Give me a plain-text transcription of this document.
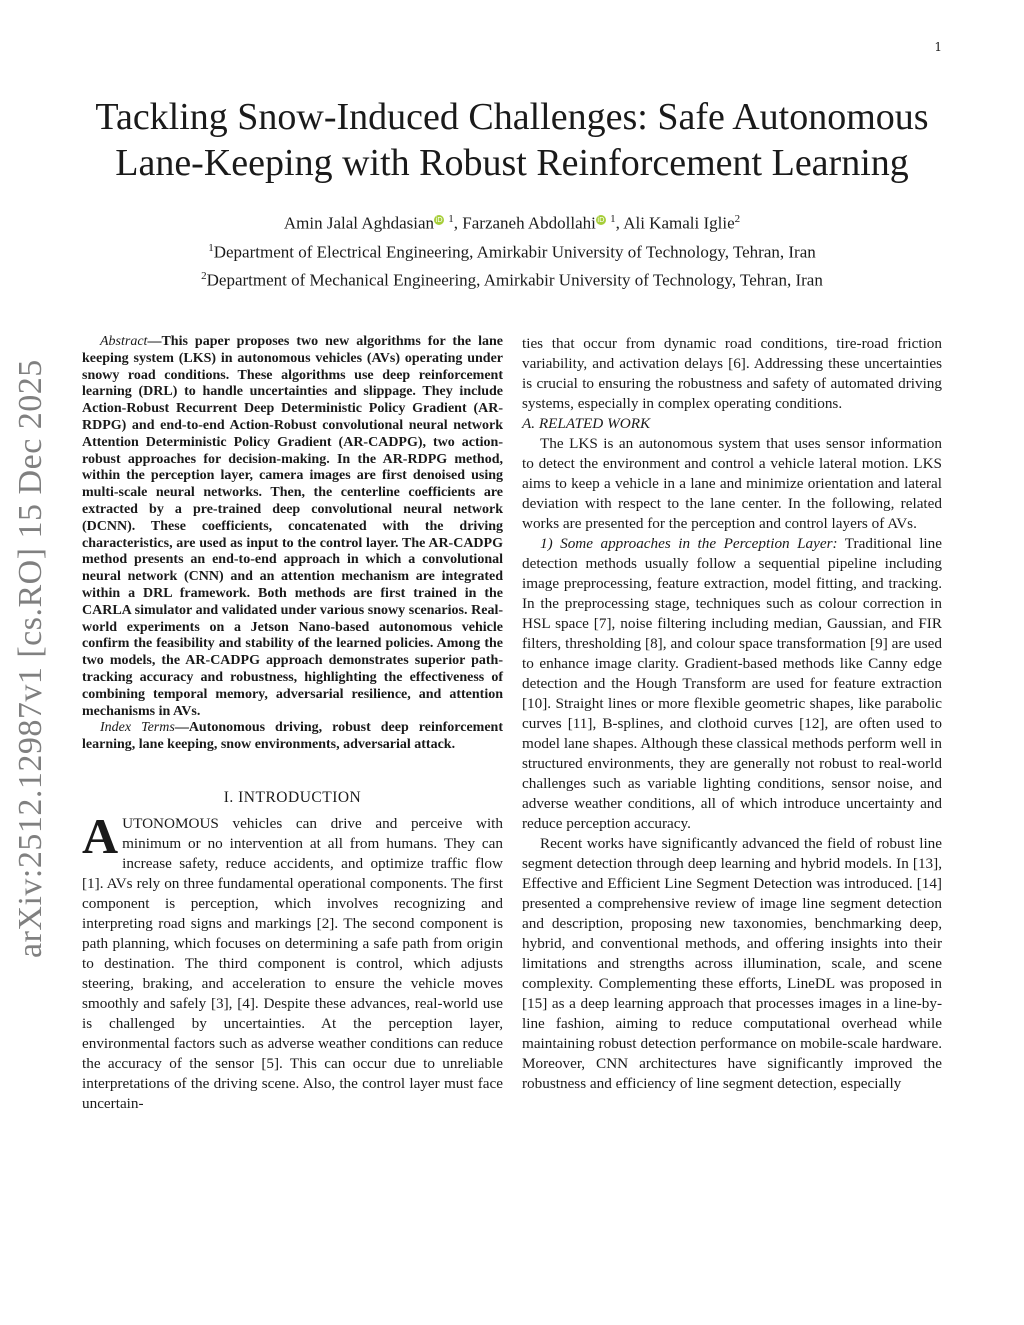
1
arXiv:2512.12987v1 [cs.RO] 15 Dec 2025
Tackling Snow-Induced Challenges: Safe Autonomous
Lane-Keeping with Robust Reinforcement Learning
Amin Jalal AghdasianiD $^1$, Farzaneh AbdollahiiD $^1$, Ali Kamali Iglie$^2$
$^1$Department of Electrical Engineering, Amirkabir University of Technology, Tehran, Iran
$^2$Department of Mechanical Engineering, Amirkabir University of Technology, Tehran, Iran

Abstract—This paper proposes two new algorithms for the lane keeping system (LKS) in autonomous vehicles (AVs) operating under snowy road conditions. These algorithms use deep reinforcement learning (DRL) to handle uncertainties and slippage. They include Action-Robust Recurrent Deep Deterministic Policy Gradient (AR-RDPG) and end-to-end Action-Robust convolutional neural network Attention Deterministic Policy Gradient (AR-CADPG), two action-robust approaches for decision-making. In the AR-RDPG method, within the perception layer, camera images are first denoised using multi-scale neural networks. Then, the centerline coefficients are extracted by a pre-trained deep convolutional neural network (DCNN). These coefficients, concatenated with the driving characteristics, are used as input to the control layer. The AR-CADPG method presents an end-to-end approach in which a convolutional neural network (CNN) and an attention mechanism are integrated within a DRL framework. Both methods are first trained in the CARLA simulator and validated under various snowy scenarios. Real-world experiments on a Jetson Nano-based autonomous vehicle confirm the feasibility and stability of the learned policies. Among the two models, the AR-CADPG approach demonstrates superior path-tracking accuracy and robustness, highlighting the effectiveness of combining temporal memory, adversarial resilience, and attention mechanisms in AVs.

Index Terms—Autonomous driving, robust deep reinforcement learning, lane keeping, snow environments, adversarial attack.

I. INTRODUCTION

AUTONOMOUS vehicles can drive and perceive with minimum or no intervention at all from humans. They can increase safety, reduce accidents, and optimize traffic flow [1]. AVs rely on three fundamental operational components. The first component is perception, which involves recognizing and interpreting road signs and markings [2]. The second component is path planning, which focuses on determining a safe path from origin to destination. The third component is control, which adjusts steering, braking, and acceleration to ensure the vehicle moves smoothly and safely [3], [4]. Despite these advances, real-world use is challenged by uncertainties. At the perception layer, environmental factors such as adverse weather conditions can reduce the accuracy of the sensor [5]. This can occur due to unreliable interpretations of the driving scene. Also, the control layer must face uncertain-

ties that occur from dynamic road conditions, tire-road friction variability, and activation delays [6]. Addressing these uncertainties is crucial to ensuring the robustness and safety of automated driving systems, especially in complex operating conditions.

A. RELATED WORK

The LKS is an autonomous system that uses sensor information to detect the environment and control a vehicle lateral motion. LKS aims to keep a vehicle in a lane and minimize orientation and lateral deviation with respect to the lane center. In the following, related works are presented for the perception and control layers of AVs.

1) Some approaches in the Perception Layer: Traditional line detection methods usually follow a sequential pipeline including image preprocessing, feature extraction, model fitting, and tracking. In the preprocessing stage, techniques such as colour correction in HSL space [7], noise filtering including median, Gaussian, and FIR filters, thresholding [8], and colour space transformation [9] are used to enhance image clarity. Gradient-based methods like Canny edge detection and the Hough Transform are used for feature extraction [10]. Straight lines or more flexible geometric shapes, like parabolic curves [11], B-splines, and clothoid curves [12], are often used to model lane shapes. Although these classical methods perform well in structured environments, they are generally not robust to real-world challenges such as variable lighting conditions, sensor noise, and adverse weather conditions, all of which introduce uncertainty and reduce perception accuracy.

Recent works have significantly advanced the field of robust line segment detection through deep learning and hybrid models. In [13], Effective and Efficient Line Segment Detection was introduced. [14] presented a comprehensive review of image line segment detection and description, proposing new taxonomies, benchmarking deep, hybrid, and conventional methods, and offering insights into their limitations and strengths across illumination, scale, and scene complexity. Complementing these efforts, LineDL was proposed in [15] as a deep learning approach that processes images in a line-by-line fashion, aiming to reduce computational overhead while maintaining robust detection performance on mobile-scale hardware. Moreover, CNN architectures have significantly improved the robustness and efficiency of line segment detection, especially
